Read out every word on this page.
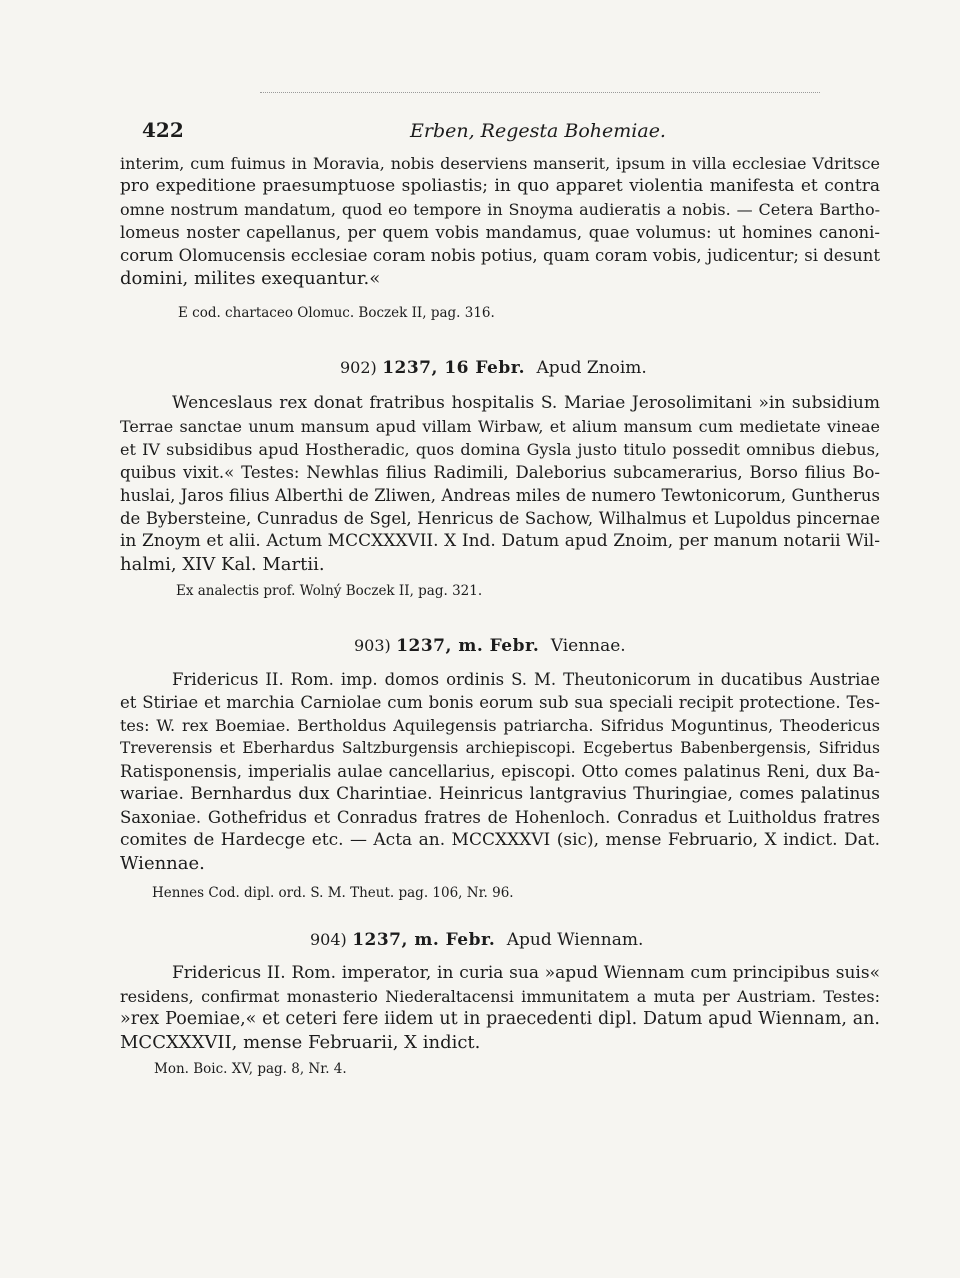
422	Erben, Regesta Bohemiae.
interim, cum fuimus in Moravia, nobis deserviens manserit, ipsum in villa ecclesiae Vdritsce
pro expeditione praesumptuose spoliastis; in quo apparet violentia manifesta et contra
omne nostrum mandatum, quod eo tempore in Snoyma audieratis a nobis. — Cetera Bartho-
lomeus noster capellanus, per quem vobis mandamus, quae volumus: ut homines canoni-
corum Olomucensis ecclesiae coram nobis potius, quam coram vobis, judicentur; si desunt
domini, milites exequantur.«
E cod. chartaceo Olomuc. Boczek II, pag. 316.
902) 1237, 16 Febr. Apud Znoim.
Wenceslaus rex donat fratribus hospitalis S. Mariae Jerosolimitani »in subsidium
Terrae sanctae unum mansum apud villam Wirbaw, et alium mansum cum medietate vineae
et IV subsidibus apud Hostheradic, quos domina Gysla justo titulo possedit omnibus diebus,
quibus vixit.« Testes: Newhlas filius Radimili, Daleborius subcamerarius, Borso filius Bo-
huslai, Jaros filius Alberthi de Zliwen, Andreas miles de numero Tewtonicorum, Guntherus
de Bybersteine, Cunradus de Sgel, Henricus de Sachow, Wilhalmus et Lupoldus pincernae
in Znoym et alii. Actum MCCXXXVII. X Ind. Datum apud Znoim, per manum notarii Wil-
halmi, XIV Kal. Martii.
Ex analectis prof. Wolný Boczek II, pag. 321.
903) 1237, m. Febr. Viennae.
Fridericus II. Rom. imp. domos ordinis S. M. Theutonicorum in ducatibus Austriae
et Stiriae et marchia Carniolae cum bonis eorum sub sua speciali recipit protectione. Tes-
tes: W. rex Boemiae. Bertholdus Aquilegensis patriarcha. Sifridus Moguntinus, Theodericus
Treverensis et Eberhardus Saltzburgensis archiepiscopi. Ecgebertus Babenbergensis, Sifridus
Ratisponensis, imperialis aulae cancellarius, episcopi. Otto comes palatinus Reni, dux Ba-
wariae. Bernhardus dux Charintiae. Heinricus lantgravius Thuringiae, comes palatinus
Saxoniae. Gothefridus et Conradus fratres de Hohenloch. Conradus et Luitholdus fratres
comites de Hardecge etc. — Acta an. MCCXXXVI (sic), mense Februario, X indict. Dat.
Wiennae.
Hennes Cod. dipl. ord. S. M. Theut. pag. 106, Nr. 96.
904) 1237, m. Febr. Apud Wiennam.
Fridericus II. Rom. imperator, in curia sua »apud Wiennam cum principibus suis«
residens, confirmat monasterio Niederaltacensi immunitatem a muta per Austriam. Testes:
»rex Poemiae,« et ceteri fere iidem ut in praecedenti dipl. Datum apud Wiennam, an.
MCCXXXVII, mense Februarii, X indict.
Mon. Boic. XV, pag. 8, Nr. 4.
